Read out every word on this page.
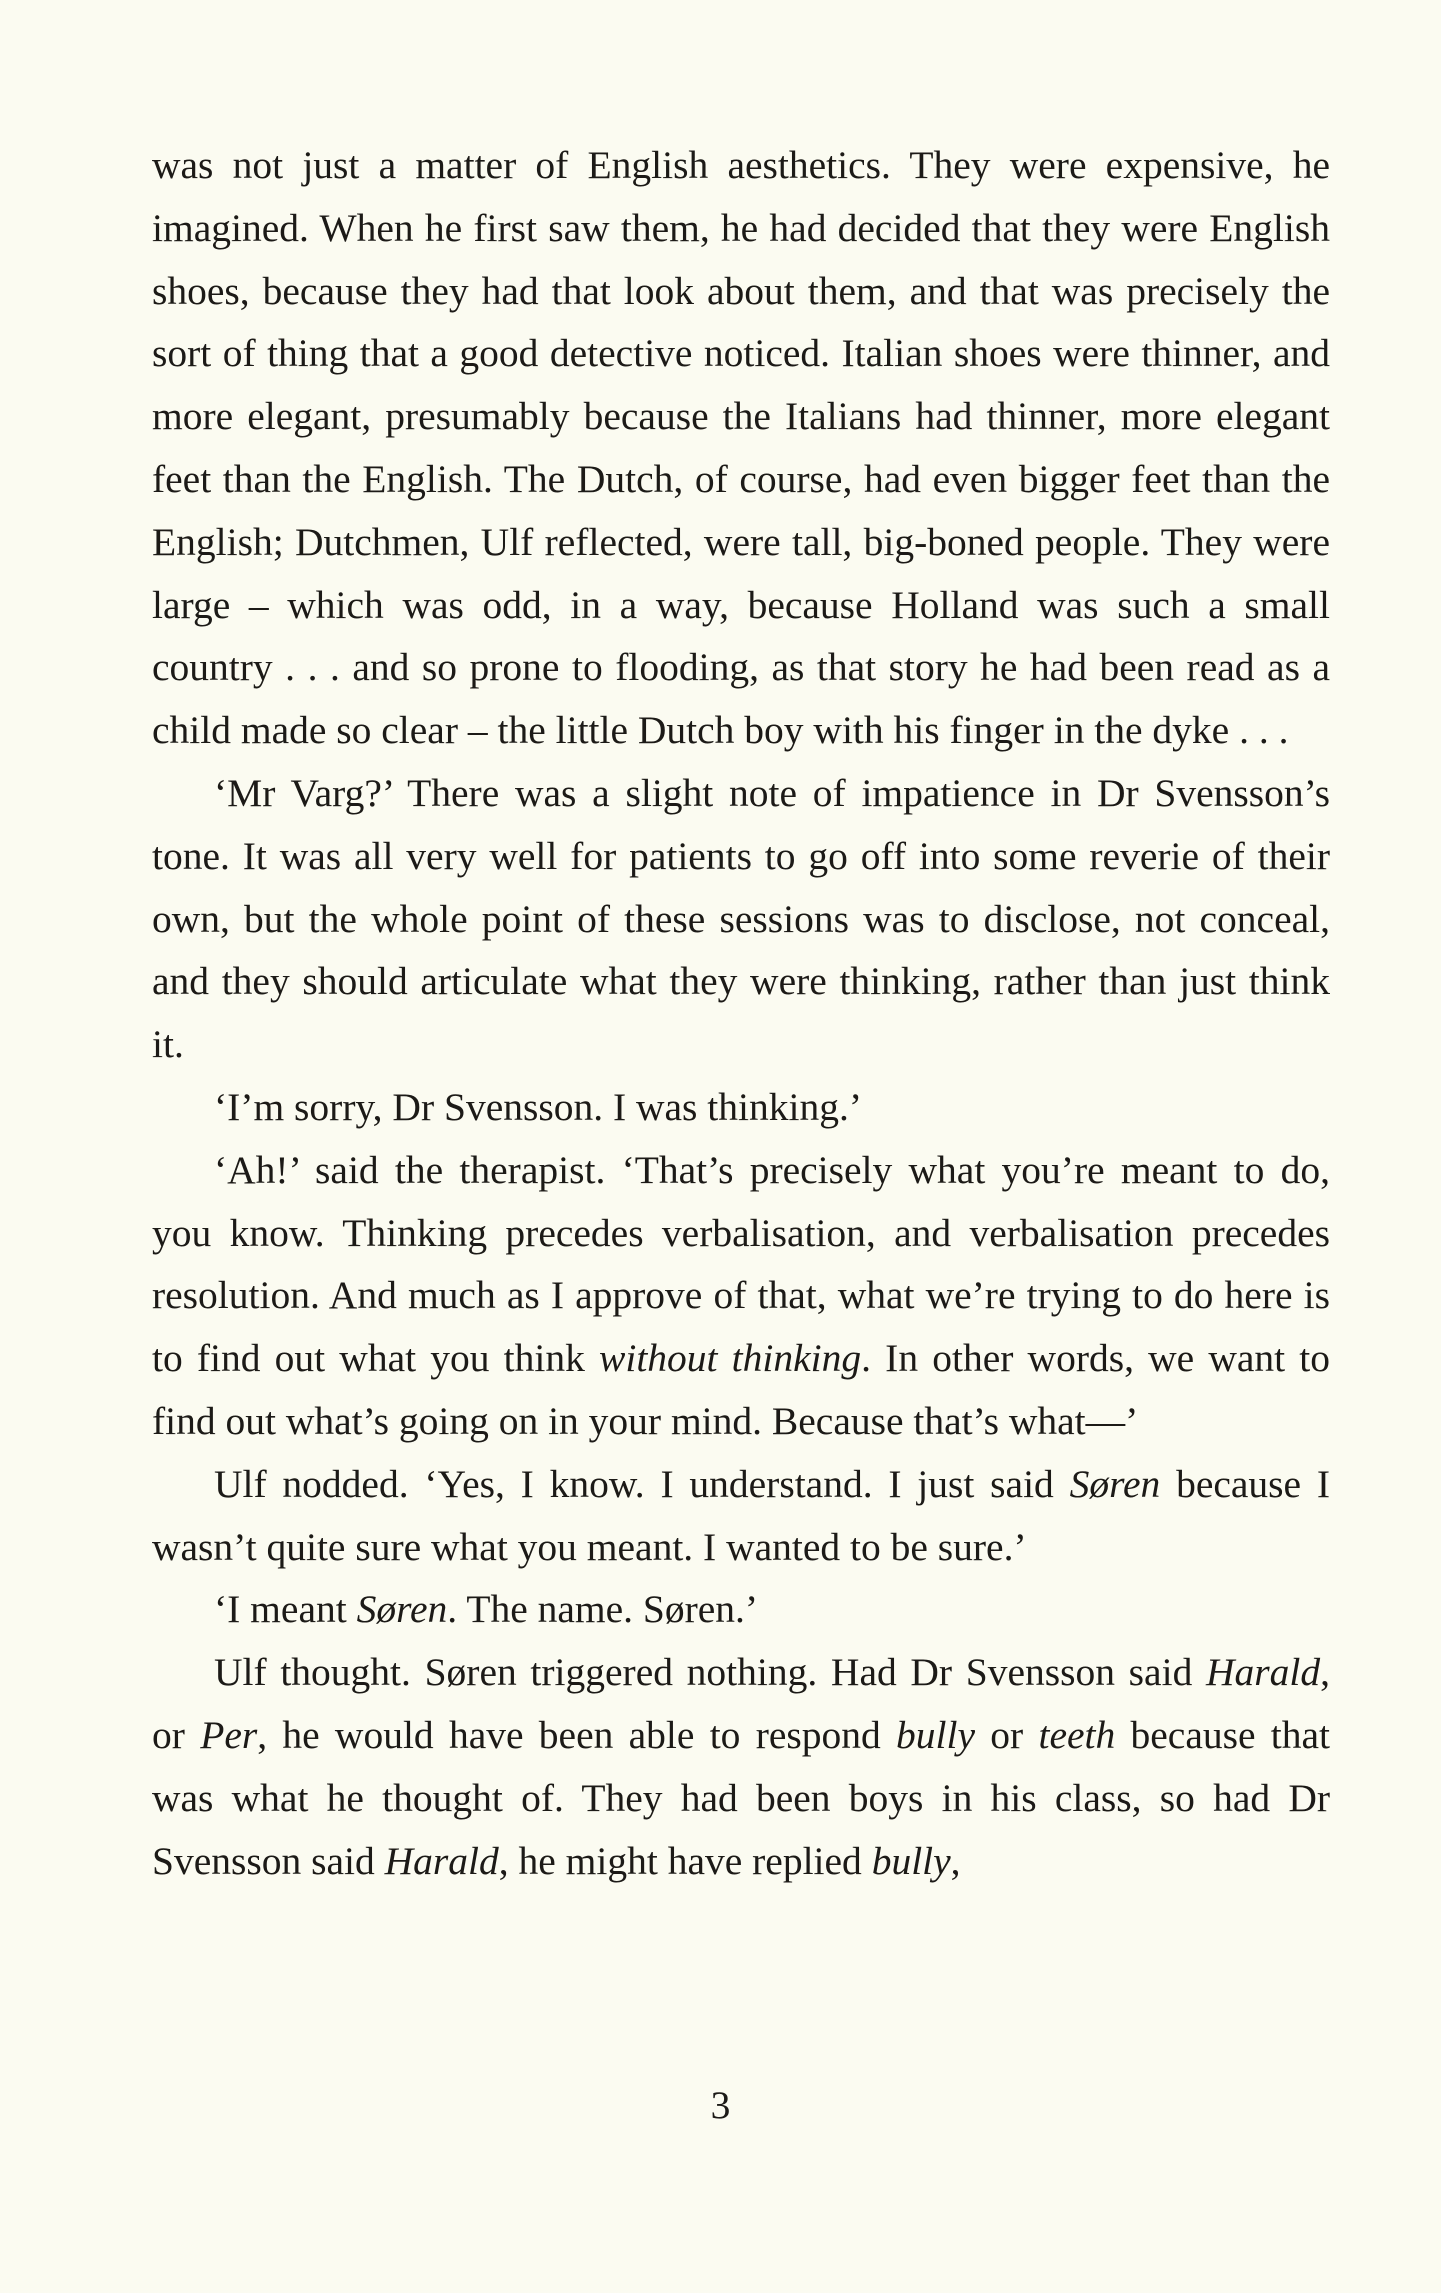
was not just a matter of English aesthetics. They were expensive, he imagined. When he first saw them, he had decided that they were English shoes, because they had that look about them, and that was precisely the sort of thing that a good detective noticed. Italian shoes were thinner, and more elegant, presumably because the Italians had thinner, more elegant feet than the English. The Dutch, of course, had even bigger feet than the English; Dutchmen, Ulf reflected, were tall, big-boned people. They were large – which was odd, in a way, because Holland was such a small country . . . and so prone to flooding, as that story he had been read as a child made so clear – the little Dutch boy with his finger in the dyke . . .

‘Mr Varg?’ There was a slight note of impatience in Dr Svensson’s tone. It was all very well for patients to go off into some reverie of their own, but the whole point of these sessions was to disclose, not conceal, and they should articulate what they were thinking, rather than just think it.

‘I’m sorry, Dr Svensson. I was thinking.’

‘Ah!’ said the therapist. ‘That’s precisely what you’re meant to do, you know. Thinking precedes verbalisation, and verbalisation precedes resolution. And much as I approve of that, what we’re trying to do here is to find out what you think without thinking. In other words, we want to find out what’s going on in your mind. Because that’s what—’

Ulf nodded. ‘Yes, I know. I understand. I just said Søren because I wasn’t quite sure what you meant. I wanted to be sure.’

‘I meant Søren. The name. Søren.’

Ulf thought. Søren triggered nothing. Had Dr Svensson said Harald, or Per, he would have been able to respond bully or teeth because that was what he thought of. They had been boys in his class, so had Dr Svensson said Harald, he might have replied bully,

3
